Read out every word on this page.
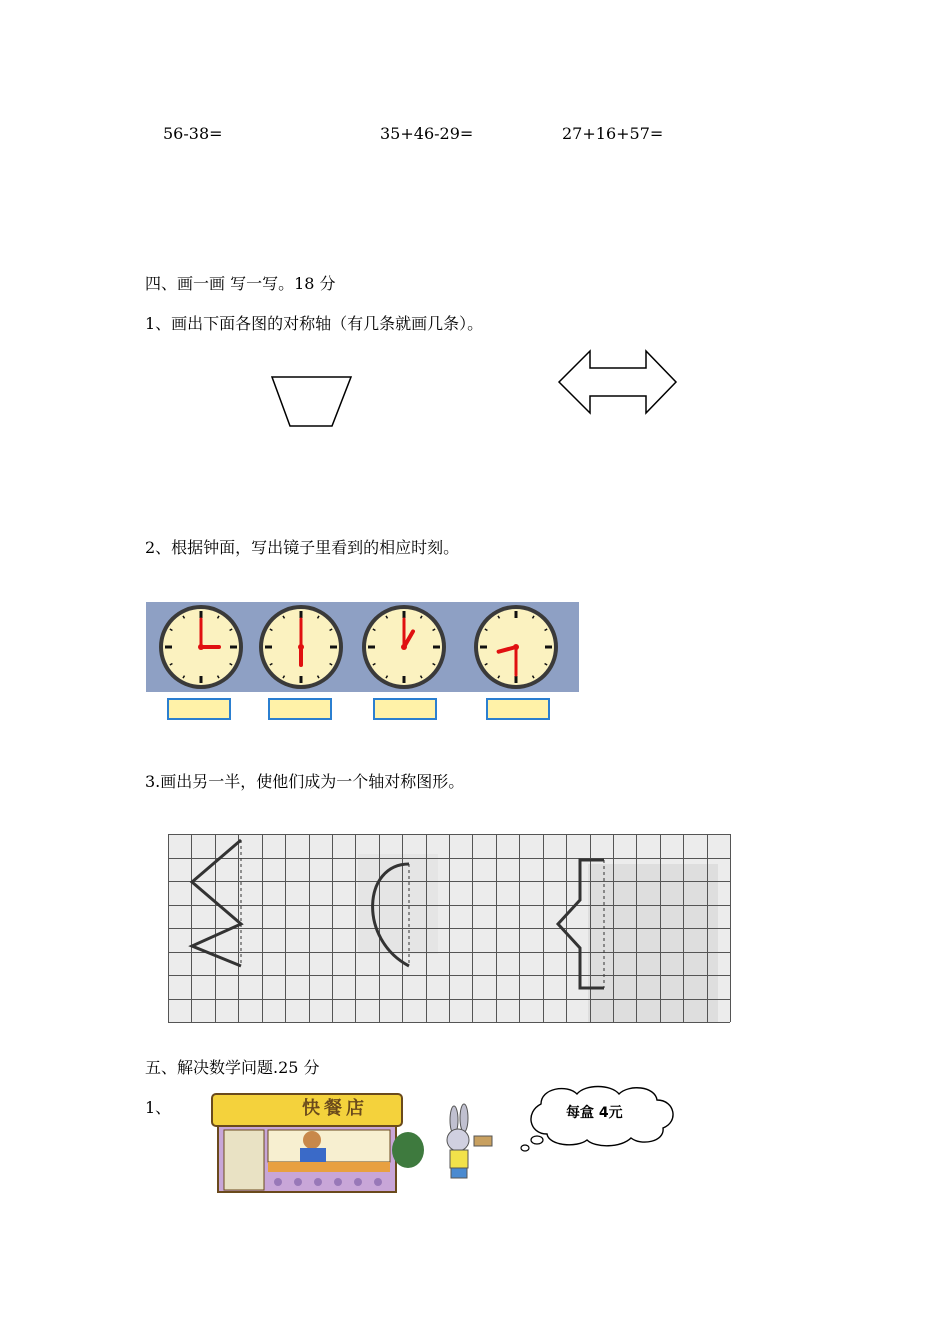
56-38=	35+46-29=	27+16+57=
四、画一画 写一写。18 分
1、画出下面各图的对称轴（有几条就画几条）。
2、根据钟面，写出镜子里看到的相应时刻。
3.画出另一半，使他们成为一个轴对称图形。
五、解决数学问题.25 分
1、	快餐店	每盒 4元
